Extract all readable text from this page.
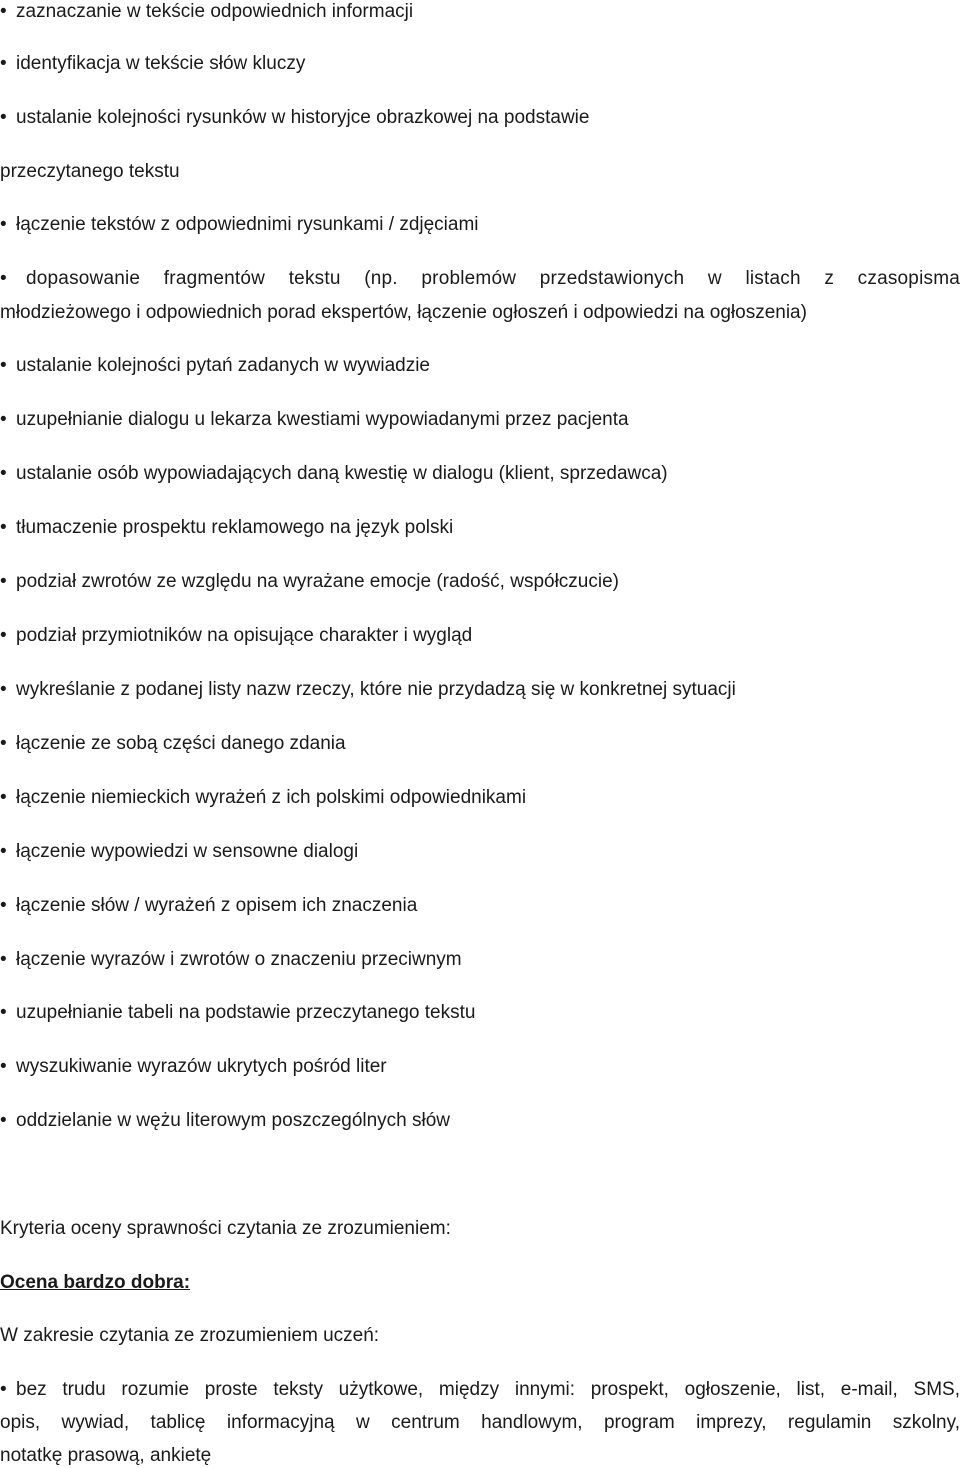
• zaznaczanie w tekście odpowiednich informacji
• identyfikacja w tekście słów kluczy
• ustalanie kolejności rysunków w historyjce obrazkowej na podstawie
przeczytanego tekstu
• łączenie tekstów z odpowiednimi rysunkami / zdjęciami
• dopasowanie fragmentów tekstu (np. problemów przedstawionych w listach z czasopisma
młodzieżowego i odpowiednich porad ekspertów, łączenie ogłoszeń i odpowiedzi na ogłoszenia)
• ustalanie kolejności pytań zadanych w wywiadzie
• uzupełnianie dialogu u lekarza kwestiami wypowiadanymi przez pacjenta
• ustalanie osób wypowiadających daną kwestię w dialogu (klient, sprzedawca)
• tłumaczenie prospektu reklamowego na język polski
• podział zwrotów ze względu na wyrażane emocje (radość, współczucie)
• podział przymiotników na opisujące charakter i wygląd
• wykreślanie z podanej listy nazw rzeczy, które nie przydadzą się w konkretnej sytuacji
• łączenie ze sobą części danego zdania
• łączenie niemieckich wyrażeń z ich polskimi odpowiednikami
• łączenie wypowiedzi w sensowne dialogi
• łączenie słów / wyrażeń z opisem ich znaczenia
• łączenie wyrazów i zwrotów o znaczeniu przeciwnym
• uzupełnianie tabeli na podstawie przeczytanego tekstu
• wyszukiwanie wyrazów ukrytych pośród liter
• oddzielanie w wężu literowym poszczególnych słów
Kryteria oceny sprawności czytania ze zrozumieniem:
Ocena bardzo dobra:
W zakresie czytania ze zrozumieniem uczeń:
• bez trudu rozumie proste teksty użytkowe, między innymi: prospekt, ogłoszenie, list, e-mail, SMS,
opis, wywiad, tablicę informacyjną w centrum handlowym, program imprezy, regulamin szkolny,
notatkę prasową, ankietę
